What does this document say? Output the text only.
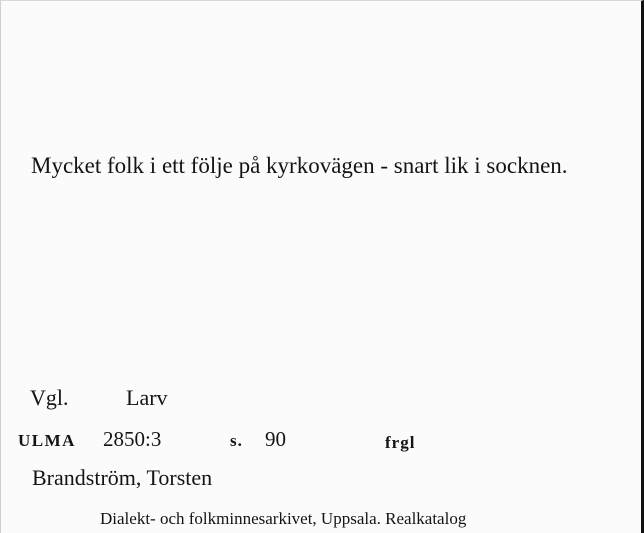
Mycket folk i ett följe på kyrkovägen - snart lik i socknen.
Vgl.	Larv
ULMA 2850:3	s. 90	frgl
Brandström, Torsten
Dialekt- och folkminnesarkivet, Uppsala. Realkatalog
